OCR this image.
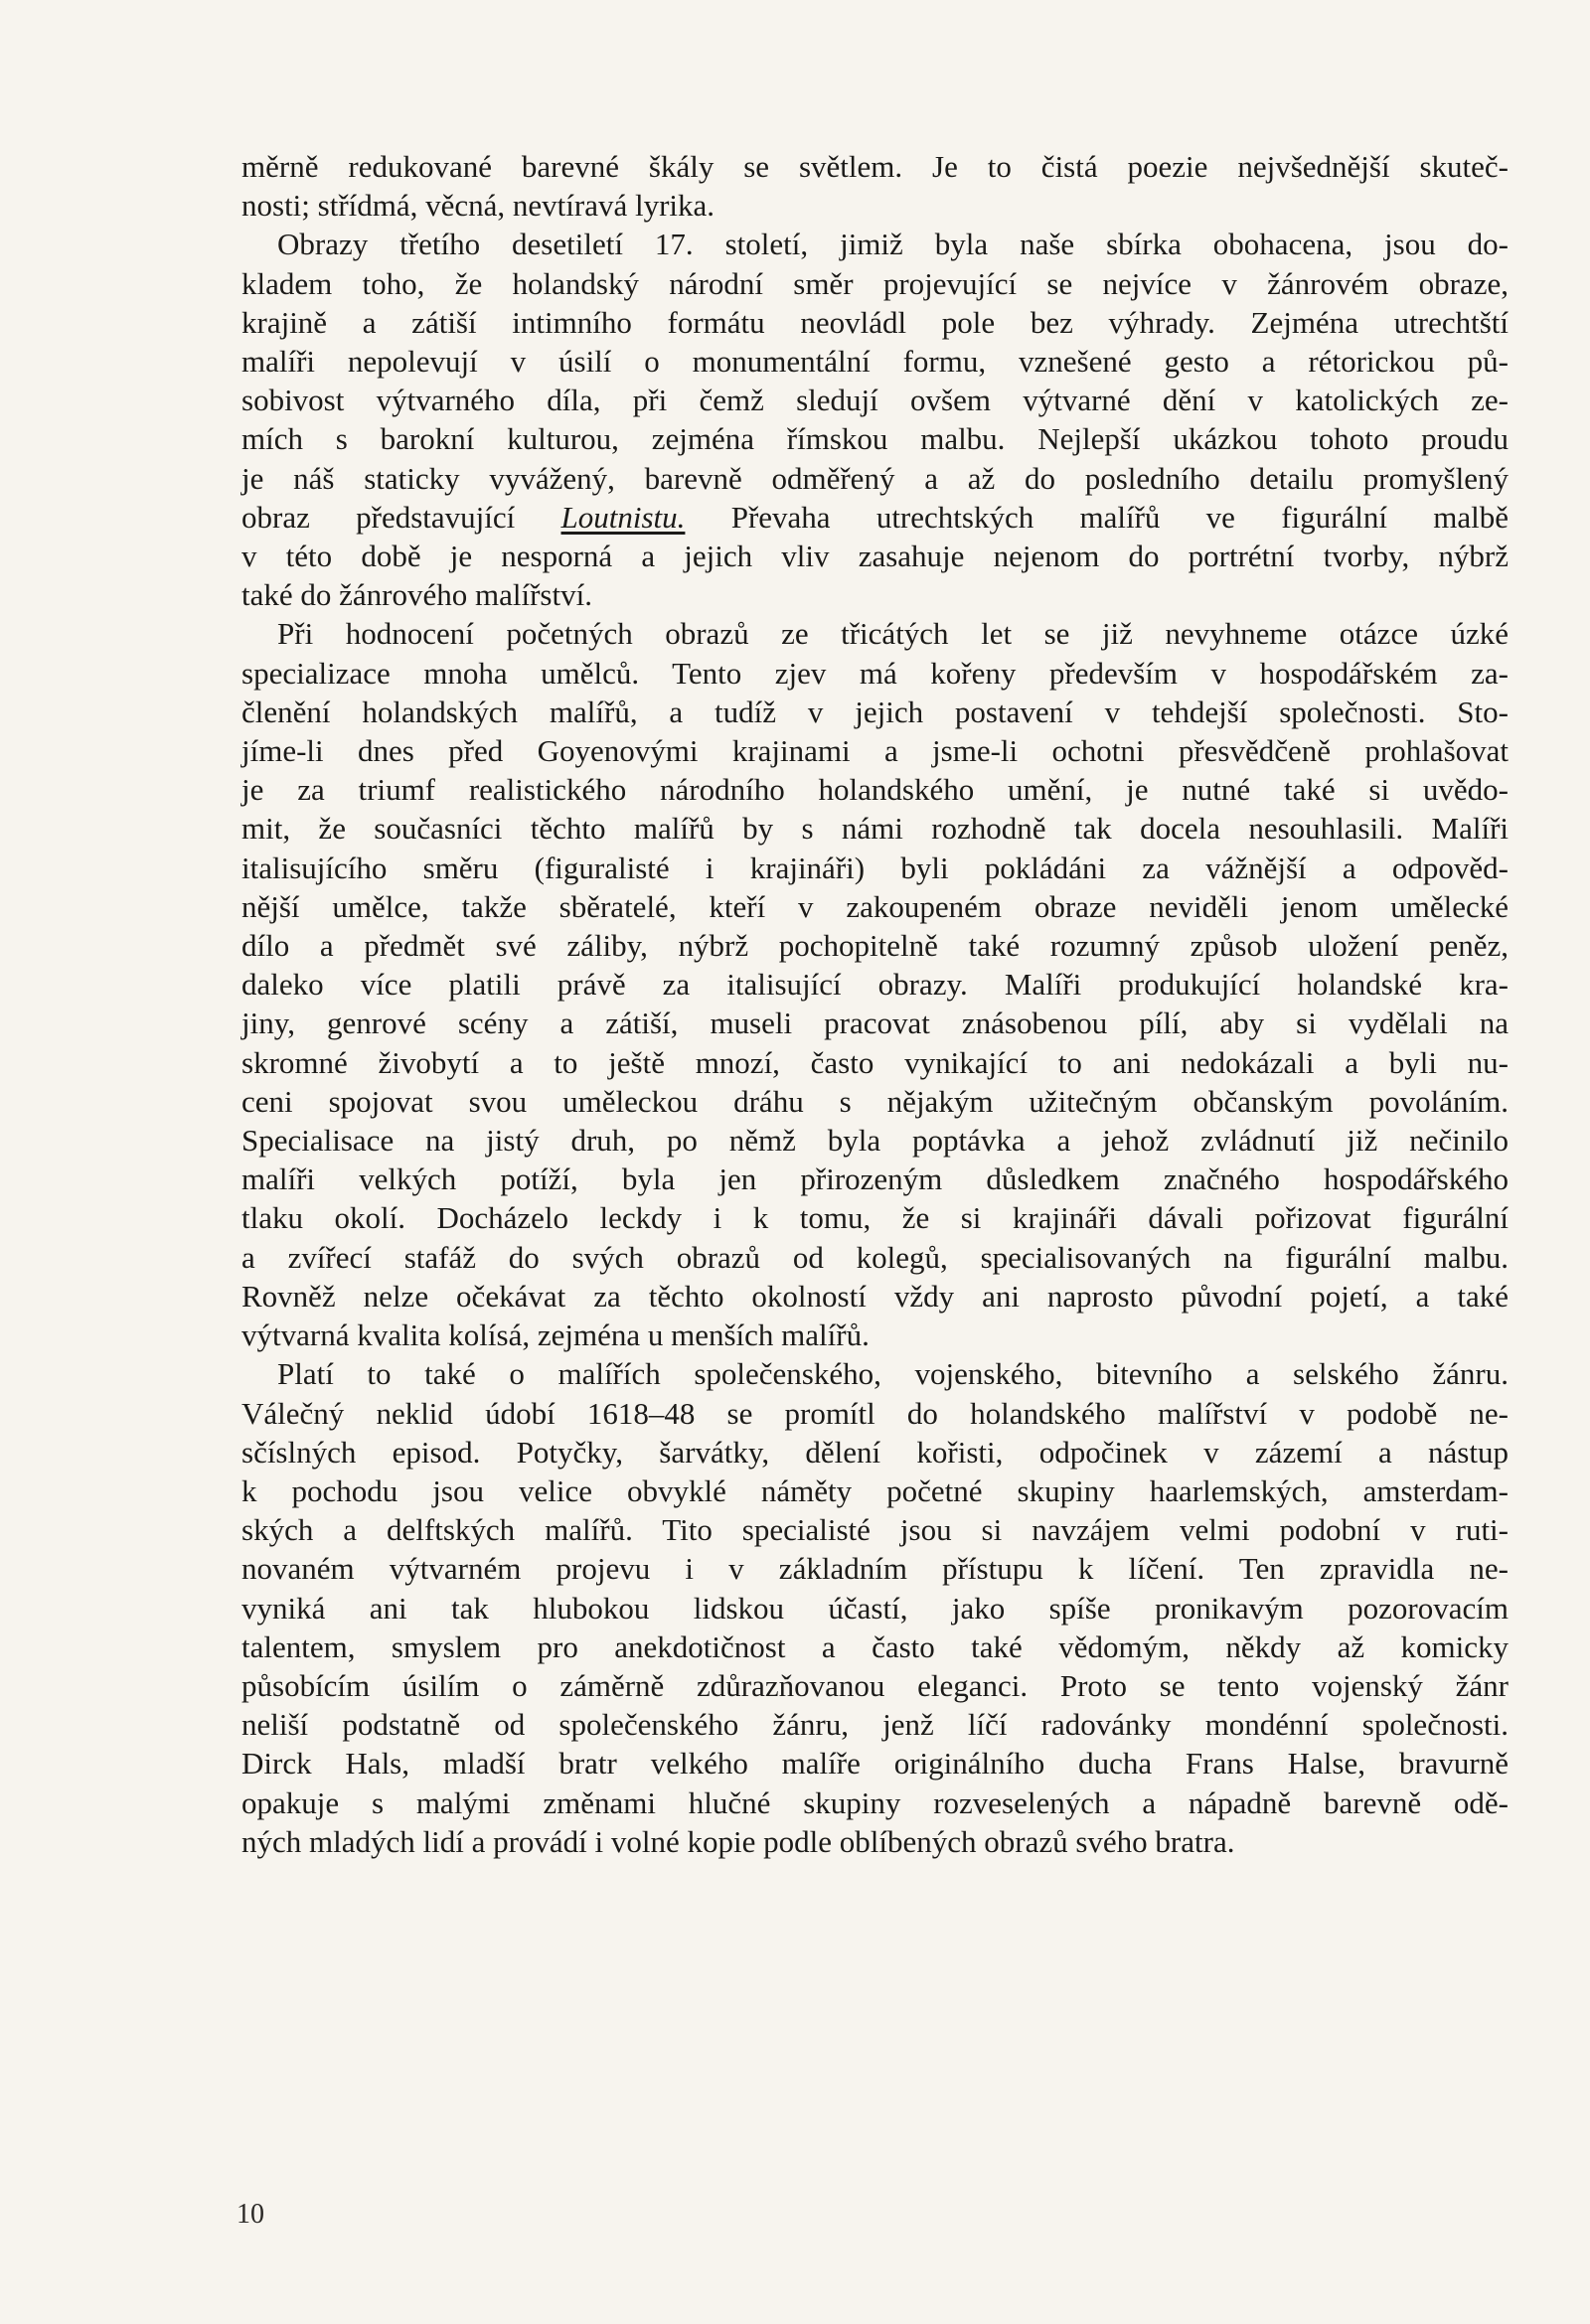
měrně redukované barevné škály se světlem. Je to čistá poezie nejvšednější skuteč-
nosti; střídmá, věcná, nevtíravá lyrika.

Obrazy třetího desetiletí 17. století, jimiž byla naše sbírka obohacena, jsou do-
kladem toho, že holandský národní směr projevující se nejvíce v žánrovém obraze,
krajině a zátiší intimního formátu neovládl pole bez výhrady. Zejména utrechtští
malíři nepolevují v úsilí o monumentální formu, vznešené gesto a rétorickou pů-
sobivost výtvarného díla, při čemž sledují ovšem výtvarné dění v katolických ze-
mích s barokní kulturou, zejména římskou malbu. Nejlepší ukázkou tohoto proudu
je náš staticky vyvážený, barevně odměřený a až do posledního detailu promyšlený
obraz představující Loutnistu. Převaha utrechtských malířů ve figurální malbě
v této době je nesporná a jejich vliv zasahuje nejenom do portrétní tvorby, nýbrž
také do žánrového malířství.

Při hodnocení početných obrazů ze třicátých let se již nevyhneme otázce úzké
specializace mnoha umělců. Tento zjev má kořeny především v hospodářském za-
členění holandských malířů, a tudíž v jejich postavení v tehdejší společnosti. Sto-
jíme-li dnes před Goyenovými krajinami a jsme-li ochotni přesvědčeně prohlašovat
je za triumf realistického národního holandského umění, je nutné také si uvědo-
mit, že současníci těchto malířů by s námi rozhodně tak docela nesouhlasili. Malíři
italisujícího směru (figuralisté i krajináři) byli pokládáni za vážnější a odpověd-
nější umělce, takže sběratelé, kteří v zakoupeném obraze neviděli jenom umělecké
dílo a předmět své záliby, nýbrž pochopitelně také rozumný způsob uložení peněz,
daleko více platili právě za italisující obrazy. Malíři produkující holandské kra-
jiny, genrové scény a zátiší, museli pracovat znásobenou pílí, aby si vydělali na
skromné živobytí a to ještě mnozí, často vynikající to ani nedokázali a byli nu-
ceni spojovat svou uměleckou dráhu s nějakým užitečným občanským povoláním.
Specialisace na jistý druh, po němž byla poptávka a jehož zvládnutí již nečinilo
malíři velkých potíží, byla jen přirozeným důsledkem značného hospodářského
tlaku okolí. Docházelo leckdy i k tomu, že si krajináři dávali pořizovat figurální
a zvířecí stafáž do svých obrazů od kolegů, specialisovaných na figurální malbu.
Rovněž nelze očekávat za těchto okolností vždy ani naprosto původní pojetí, a také
výtvarná kvalita kolísá, zejména u menších malířů.

Platí to také o malířích společenského, vojenského, bitevního a selského žánru.
Válečný neklid údobí 1618–48 se promítl do holandského malířství v podobě ne-
sčíslných episod. Potyčky, šarvátky, dělení kořisti, odpočinek v zázemí a nástup
k pochodu jsou velice obvyklé náměty početné skupiny haarlemských, amsterdam-
ských a delftských malířů. Tito specialisté jsou si navzájem velmi podobní v ruti-
novaném výtvarném projevu i v základním přístupu k líčení. Ten zpravidla ne-
vyniká ani tak hlubokou lidskou účastí, jako spíše pronikavým pozorovacím
talentem, smyslem pro anekdotičnost a často také vědomým, někdy až komicky
působícím úsilím o záměrně zdůrazňovanou eleganci. Proto se tento vojenský žánr
neliší podstatně od společenského žánru, jenž líčí radovánky mondénní společnosti.
Dirck Hals, mladší bratr velkého malíře originálního ducha Frans Halse, bravurně
opakuje s malými změnami hlučné skupiny rozveselených a nápadně barevně odě-
ných mladých lidí a provádí i volné kopie podle oblíbených obrazů svého bratra.

10
